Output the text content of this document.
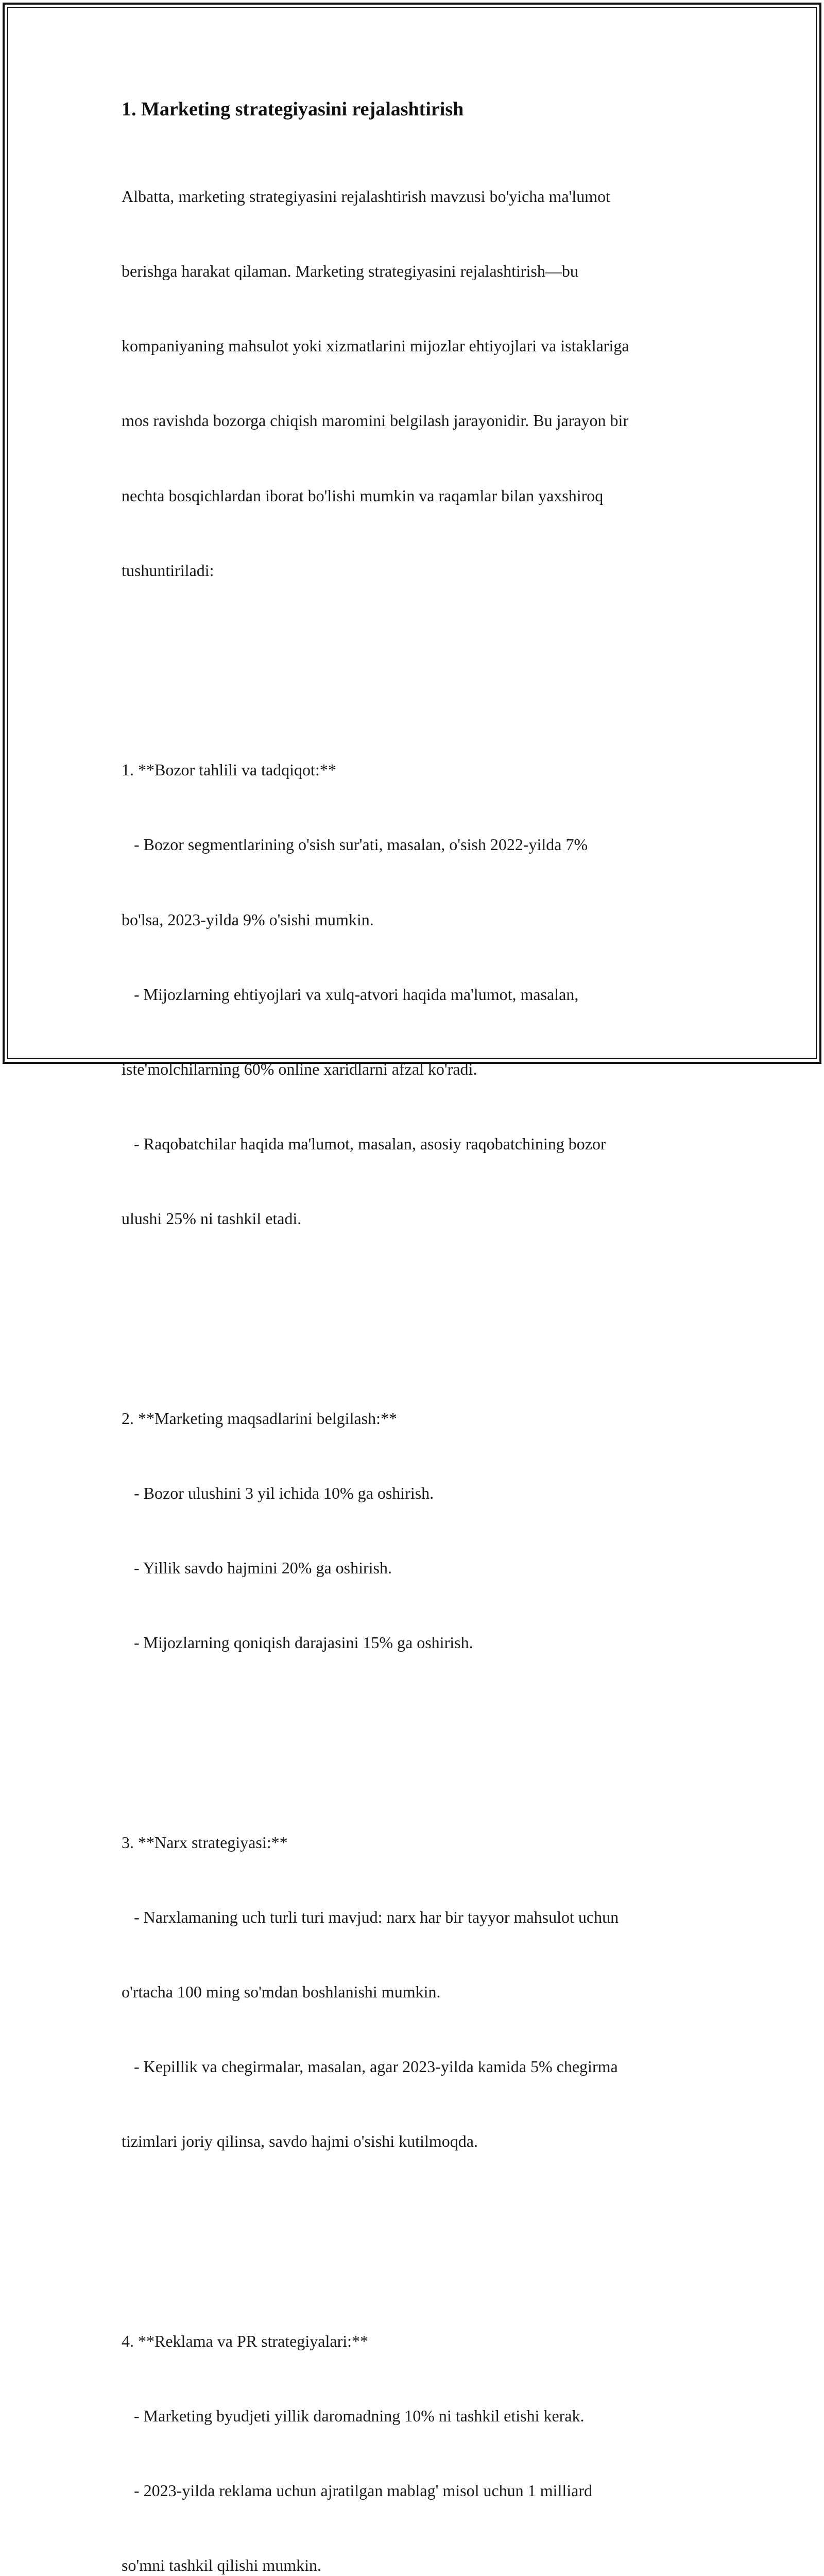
1. Marketing strategiyasini rejalashtirish

Albatta, marketing strategiyasini rejalashtirish mavzusi bo'yicha ma'lumot

berishga harakat qilaman. Marketing strategiyasini rejalashtirish—bu

kompaniyaning mahsulot yoki xizmatlarini mijozlar ehtiyojlari va istaklariga

mos ravishda bozorga chiqish maromini belgilash jarayonidir. Bu jarayon bir

nechta bosqichlardan iborat bo'lishi mumkin va raqamlar bilan yaxshiroq

tushuntiriladi:

1. **Bozor tahlili va tadqiqot:**

- Bozor segmentlarining o'sish sur'ati, masalan, o'sish 2022-yilda 7%

bo'lsa, 2023-yilda 9% o'sishi mumkin.

- Mijozlarning ehtiyojlari va xulq-atvori haqida ma'lumot, masalan,

iste'molchilarning 60% online xaridlarni afzal ko'radi.

- Raqobatchilar haqida ma'lumot, masalan, asosiy raqobatchining bozor

ulushi 25% ni tashkil etadi.

2. **Marketing maqsadlarini belgilash:**

- Bozor ulushini 3 yil ichida 10% ga oshirish.

- Yillik savdo hajmini 20% ga oshirish.

- Mijozlarning qoniqish darajasini 15% ga oshirish.

3. **Narx strategiyasi:**

- Narxlamaning uch turli turi mavjud: narx har bir tayyor mahsulot uchun

o'rtacha 100 ming so'mdan boshlanishi mumkin.

- Kepillik va chegirmalar, masalan, agar 2023-yilda kamida 5% chegirma

tizimlari joriy qilinsa, savdo hajmi o'sishi kutilmoqda.

4. **Reklama va PR strategiyalari:**

- Marketing byudjeti yillik daromadning 10% ni tashkil etishi kerak.

- 2023-yilda reklama uchun ajratilgan mablag' misol uchun 1 milliard

so'mni tashkil qilishi mumkin.
